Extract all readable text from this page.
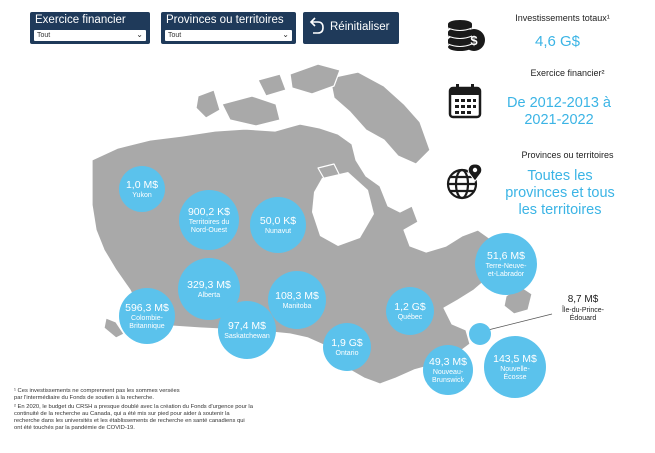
Exercice financier
Tout	⌄
Provinces ou territoires
Tout	⌄
Réinitialiser
$
Investissements totaux¹
4,6 G$
Exercice financier²
De 2012-2013 à 2021-2022
Provinces ou territoires
Toutes les provinces et tous les territoires
1,0 M$
Yukon
900,2 K$
Territoires du Nord-Ouest
50,0 K$
Nunavut
329,3 M$
Alberta	108,3 M$
Manitoba
596,3 M$
Colombie-Britannique	97,4 M$
Saskatchewan
1,9 G$
Ontario
1,2 G$
Québec
51,6 M$
Terre-Neuve-et-Labrador
49,3 M$
Nouveau-Brunswick
143,5 M$
Nouvelle-Écosse
8,7 M$
Île-du-Prince-Édouard
¹ Ces investissements ne comprennent pas les sommes versées
par l'intermédiaire du Fonds de soutien à la recherche.
² En 2020, le budget du CRSH a presque doublé avec la création du Fonds d'urgence pour la
continuité de la recherche au Canada, qui a été mis sur pied pour aider à soutenir la
recherche dans les universités et les établissements de recherche en santé canadiens qui
ont été touchés par la pandémie de COVID-19.
